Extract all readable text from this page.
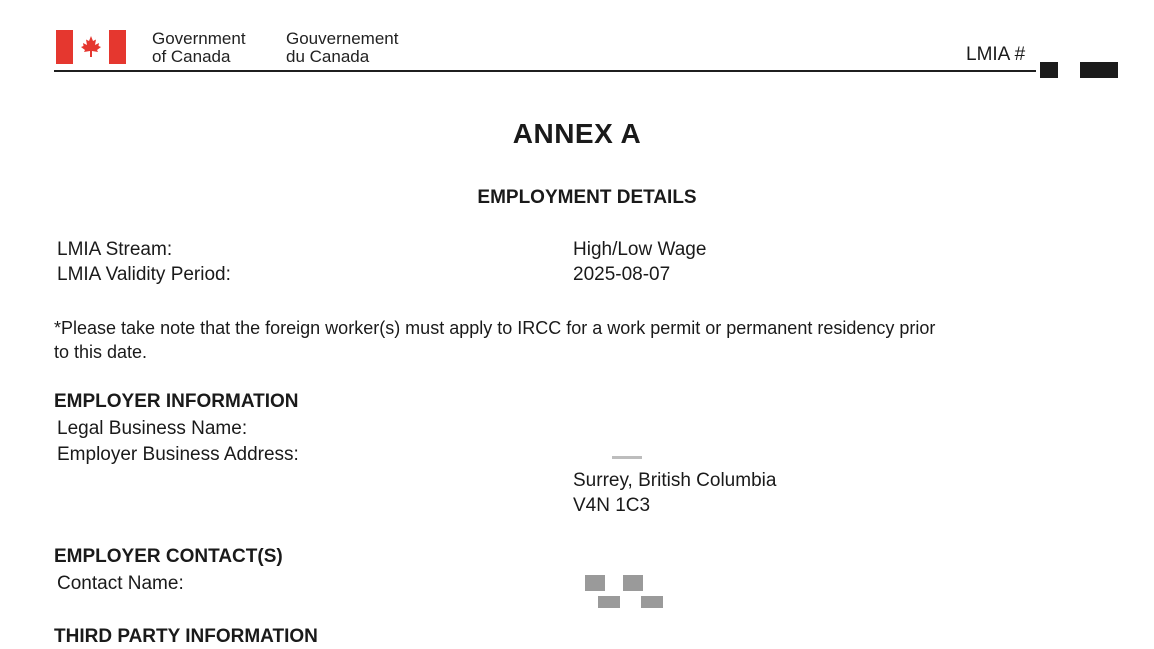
Government
of Canada
Gouvernement
du Canada	LMIA #
ANNEX A
EMPLOYMENT DETAILS
LMIA Stream:	High/Low Wage
LMIA Validity Period:	2025-08-07
*Please take note that the foreign worker(s) must apply to IRCC for a work permit or permanent residency prior
to this date.
EMPLOYER INFORMATION
Legal Business Name:
Employer Business Address:
Surrey, British Columbia
V4N 1C3
EMPLOYER CONTACT(S)
Contact Name:
THIRD PARTY INFORMATION
